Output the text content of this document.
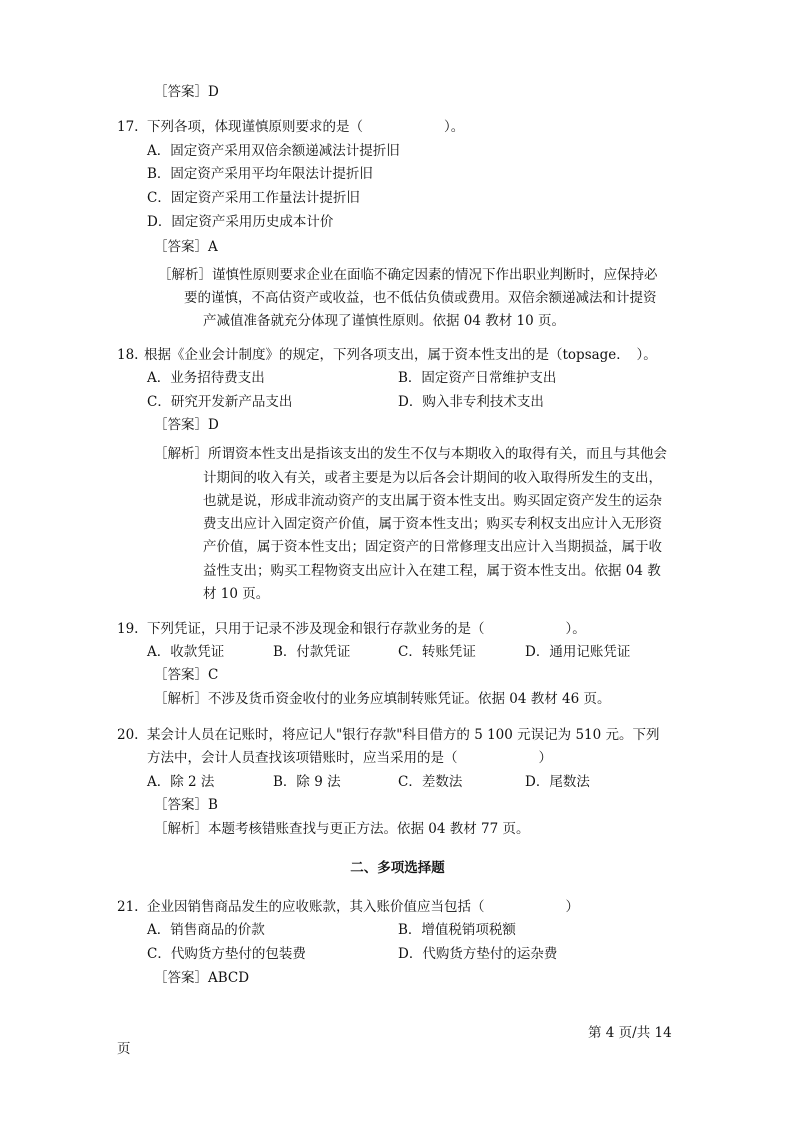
［答案］D
17. 下列各项，体现谨慎原则要求的是（　　　　　　）。
A．固定资产采用双倍余额递减法计提折旧
B．固定资产采用平均年限法计提折旧
C．固定资产采用工作量法计提折旧
D．固定资产采用历史成本计价
［答案］A
［解析］谨慎性原则要求企业在面临不确定因素的情况下作出职业判断时，应保持必
要的谨慎，不高估资产或收益，也不低估负债或费用。双倍余额递减法和计提资
产减值准备就充分体现了谨慎性原则。依据 04 教材 10 页。
18. 根据《企业会计制度》的规定，下列各项支出，属于资本性支出的是（topsage．　）。
A．业务招待费支出	B．固定资产日常维护支出
C．研究开发新产品支出	D．购入非专利技术支出
［答案］D
［解析］所谓资本性支出是指该支出的发生不仅与本期收入的取得有关，而且与其他会
计期间的收入有关，或者主要是为以后各会计期间的收入取得所发生的支出，
也就是说，形成非流动资产的支出属于资本性支出。购买固定资产发生的运杂
费支出应计入固定资产价值，属于资本性支出；购买专利权支出应计入无形资
产价值，属于资本性支出；固定资产的日常修理支出应计入当期损益，属于收
益性支出；购买工程物资支出应计入在建工程，属于资本性支出。依据 04 教
材 10 页。
19. 下列凭证，只用于记录不涉及现金和银行存款业务的是（　　　　　　）。
A．收款凭证	B．付款凭证	C．转账凭证	D．通用记账凭证
［答案］C
［解析］不涉及货币资金收付的业务应填制转账凭证。依据 04 教材 46 页。
20. 某会计人员在记账时，将应记人"银行存款"科目借方的 5 100 元误记为 510 元。下列
方法中，会计人员查找该项错账时，应当采用的是（　　　　　　）
A．除 2 法	B．除 9 法	C．差数法	D．尾数法
［答案］B
［解析］本题考核错账查找与更正方法。依据 04 教材 77 页。
二、多项选择题
21. 企业因销售商品发生的应收账款，其入账价值应当包括（　　　　　　）
A．销售商品的价款	B．增值税销项税额
C．代购货方垫付的包装费	D．代购货方垫付的运杂费
［答案］ABCD
第 4 页/共 14
页
